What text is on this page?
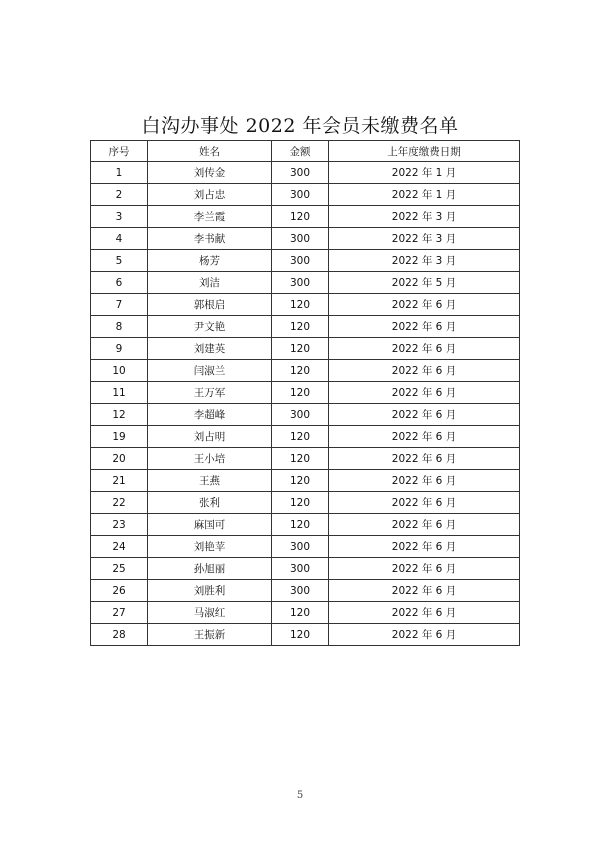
白沟办事处 2022 年会员未缴费名单
序号	姓名	金额	上年度缴费日期
1	刘传金	300	2022 年 1 月
2	刘占忠	300	2022 年 1 月
3	李兰霞	120	2022 年 3 月
4	李书献	300	2022 年 3 月
5	杨芳	300	2022 年 3 月
6	刘洁	300	2022 年 5 月
7	郭根启	120	2022 年 6 月
8	尹文艳	120	2022 年 6 月
9	刘建英	120	2022 年 6 月
10	闫淑兰	120	2022 年 6 月
11	王万军	120	2022 年 6 月
12	李超峰	300	2022 年 6 月
19	刘占明	120	2022 年 6 月
20	王小培	120	2022 年 6 月
21	王燕	120	2022 年 6 月
22	张利	120	2022 年 6 月
23	麻国可	120	2022 年 6 月
24	刘艳苹	300	2022 年 6 月
25	孙旭丽	300	2022 年 6 月
26	刘胜利	300	2022 年 6 月
27	马淑红	120	2022 年 6 月
28	王振新	120	2022 年 6 月
5
